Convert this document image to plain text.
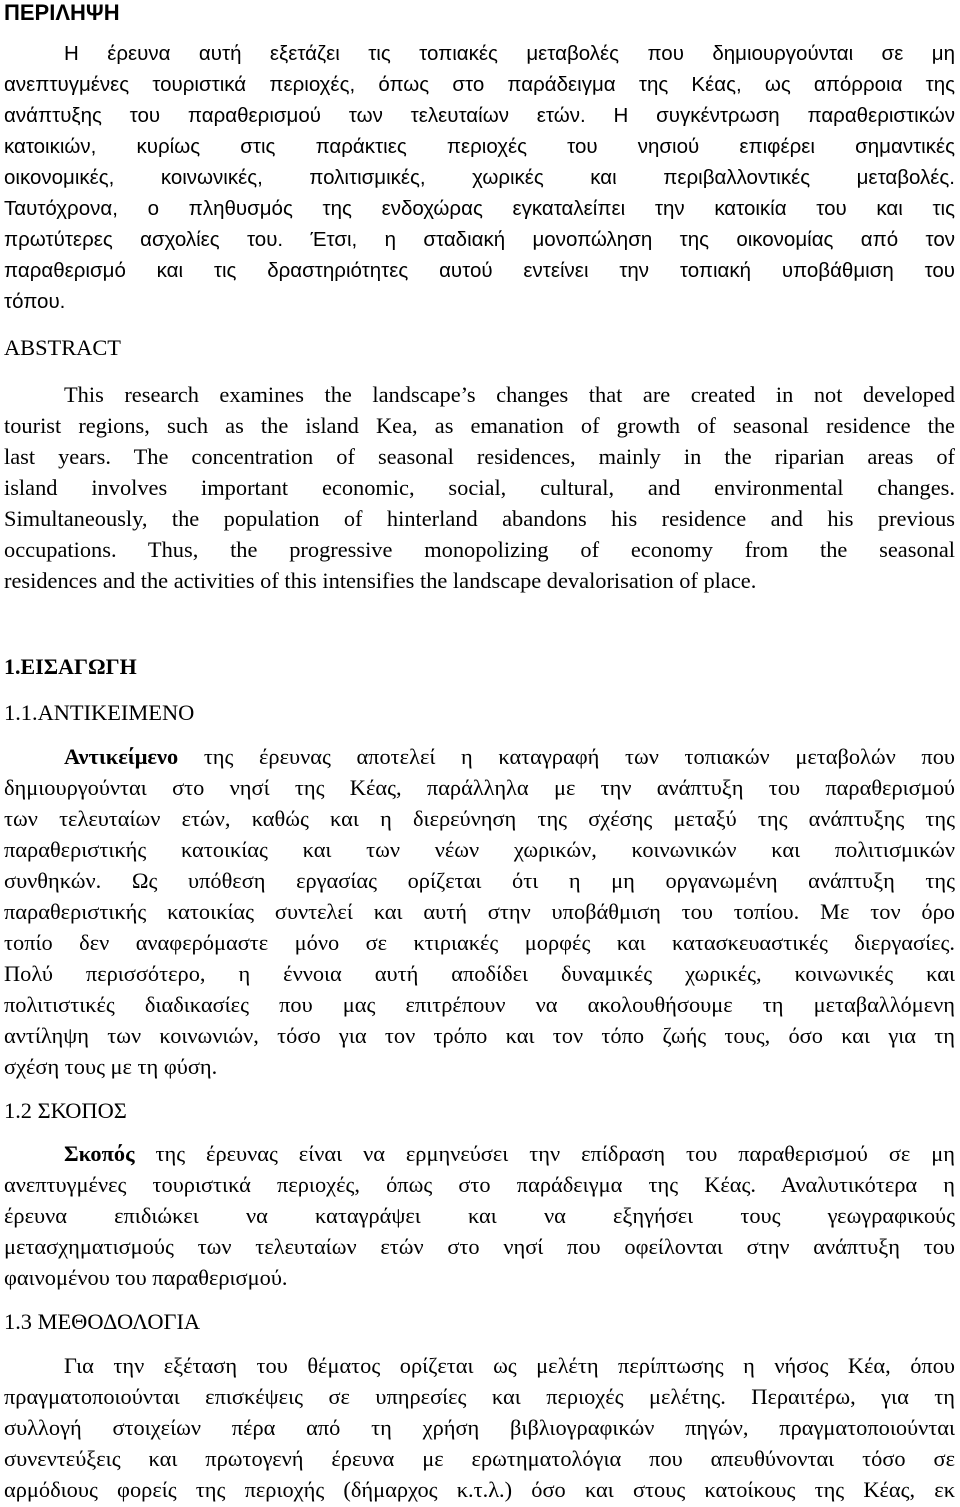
ΠΕΡΙΛΗΨΗ
Η έρευνα αυτή εξετάζει τις τοπιακές μεταβολές που δημιουργούνται σε μη
ανεπτυγμένες τουριστικά περιοχές, όπως στο παράδειγμα της Κέας, ως απόρροια της
ανάπτυξης του παραθερισμού των τελευταίων ετών. Η συγκέντρωση παραθεριστικών
κατοικιών, κυρίως στις παράκτιες περιοχές του νησιού επιφέρει σημαντικές
οικονομικές, κοινωνικές, πολιτισμικές, χωρικές και περιβαλλοντικές μεταβολές.
Ταυτόχρονα, ο πληθυσμός της ενδοχώρας εγκαταλείπει την κατοικία του και τις
πρωτύτερες ασχολίες του. Έτσι, η σταδιακή μονοπώληση της οικονομίας από τον
παραθερισμό και τις δραστηριότητες αυτού εντείνει την τοπιακή υποβάθμιση του
τόπου.
ABSTRACT
This research examines the landscape’s changes that are created in not developed
tourist regions, such as the island Kea, as emanation of growth of seasonal residence the
last years. The concentration of seasonal residences, mainly in the riparian areas of
island involves important economic, social, cultural, and environmental changes.
Simultaneously, the population of hinterland abandons his residence and his previous
occupations. Thus, the progressive monopolizing of economy from the seasonal
residences and the activities of this intensifies the landscape devalorisation of place.
1.ΕΙΣΑΓΩΓΗ
1.1.ΑΝΤΙΚΕΙΜΕΝΟ
Αντικείμενο της έρευνας αποτελεί η καταγραφή των τοπιακών μεταβολών που
δημιουργούνται στο νησί της Κέας, παράλληλα με την ανάπτυξη του παραθερισμού
των τελευταίων ετών, καθώς και η διερεύνηση της σχέσης μεταξύ της ανάπτυξης της
παραθεριστικής κατοικίας και των νέων χωρικών, κοινωνικών και πολιτισμικών
συνθηκών. Ως υπόθεση εργασίας ορίζεται ότι η μη οργανωμένη ανάπτυξη της
παραθεριστικής κατοικίας συντελεί και αυτή στην υποβάθμιση του τοπίου. Με τον όρο
τοπίο δεν αναφερόμαστε μόνο σε κτιριακές μορφές και κατασκευαστικές διεργασίες.
Πολύ περισσότερο, η έννοια αυτή αποδίδει δυναμικές χωρικές, κοινωνικές και
πολιτιστικές διαδικασίες που μας επιτρέπουν να ακολουθήσουμε τη μεταβαλλόμενη
αντίληψη των κοινωνιών, τόσο για τον τρόπο και τον τόπο ζωής τους, όσο και για τη
σχέση τους με τη φύση.
1.2 ΣΚΟΠΟΣ
Σκοπός της έρευνας είναι να ερμηνεύσει την επίδραση του παραθερισμού σε μη
ανεπτυγμένες τουριστικά περιοχές, όπως στο παράδειγμα της Κέας. Αναλυτικότερα η
έρευνα επιδιώκει να καταγράψει και να εξηγήσει τους γεωγραφικούς
μετασχηματισμούς των τελευταίων ετών στο νησί που οφείλονται στην ανάπτυξη του
φαινομένου του παραθερισμού.
1.3 ΜΕΘΟΔΟΛΟΓΙΑ
Για την εξέταση του θέματος ορίζεται ως μελέτη περίπτωσης η νήσος Κέα, όπου
πραγματοποιούνται επισκέψεις σε υπηρεσίες και περιοχές μελέτης. Περαιτέρω, για τη
συλλογή στοιχείων πέρα από τη χρήση βιβλιογραφικών πηγών, πραγματοποιούνται
συνεντεύξεις και πρωτογενή έρευνα με ερωτηματολόγια που απευθύνονται τόσο σε
αρμόδιους φορείς της περιοχής (δήμαρχος κ.τ.λ.) όσο και στους κατοίκους της Κέας, εκ
